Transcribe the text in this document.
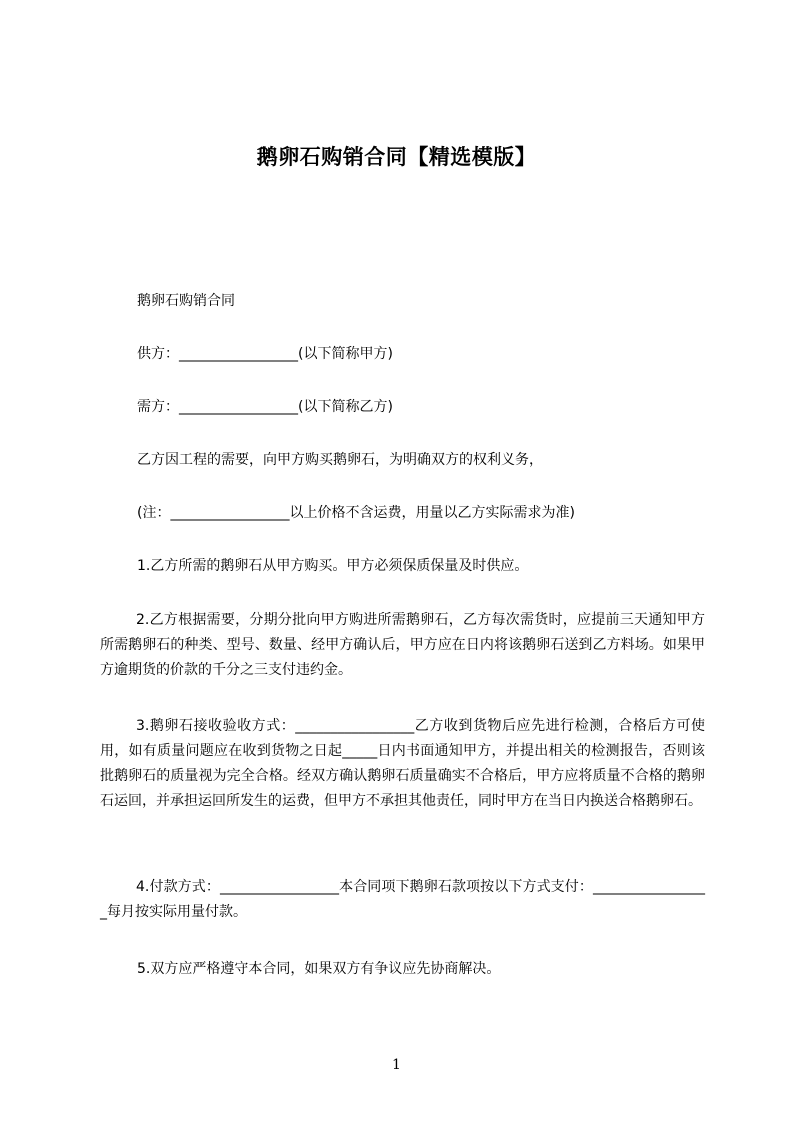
鹅卵石购销合同【精选模版】

鹅卵石购销合同

供方：_________________(以下简称甲方)

需方：_________________(以下简称乙方)

乙方因工程的需要，向甲方购买鹅卵石，为明确双方的权利义务，

(注：_________________以上价格不含运费，用量以乙方实际需求为准)

1.乙方所需的鹅卵石从甲方购买。甲方必须保质保量及时供应。

2.乙方根据需要，分期分批向甲方购进所需鹅卵石，乙方每次需货时，应提前三天通知甲方所需鹅卵石的种类、型号、数量、经甲方确认后，甲方应在日内将该鹅卵石送到乙方料场。如果甲方逾期货的价款的千分之三支付违约金。

3.鹅卵石接收验收方式：_________________乙方收到货物后应先进行检测，合格后方可使用，如有质量问题应在收到货物之日起_____日内书面通知甲方，并提出相关的检测报告，否则该批鹅卵石的质量视为完全合格。经双方确认鹅卵石质量确实不合格后，甲方应将质量不合格的鹅卵石运回，并承担运回所发生的运费，但甲方不承担其他责任，同时甲方在当日内换送合格鹅卵石。

4.付款方式：_________________本合同项下鹅卵石款项按以下方式支付：_________________每月按实际用量付款。

5.双方应严格遵守本合同，如果双方有争议应先协商解决。

1
